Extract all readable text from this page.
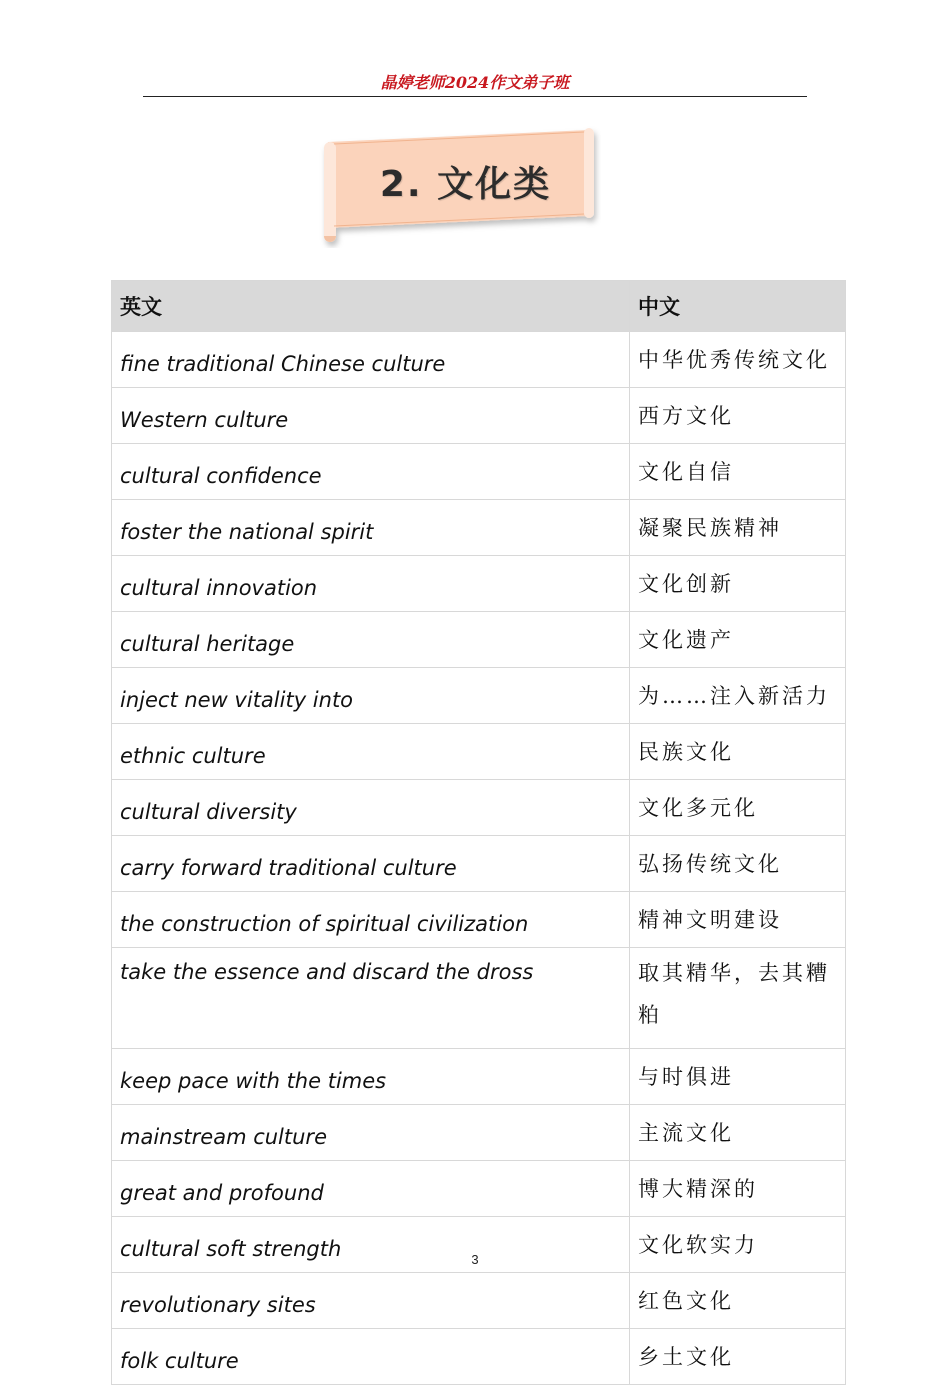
晶婷老师2024作文弟子班
2. 文化类
英文	中文
fine traditional Chinese culture	中华优秀传统文化
Western culture	西方文化
cultural confidence	文化自信
foster the national spirit	凝聚民族精神
cultural innovation	文化创新
cultural heritage	文化遗产
inject new vitality into	为……注入新活力
ethnic culture	民族文化
cultural diversity	文化多元化
carry forward traditional culture	弘扬传统文化
the construction of spiritual civilization	精神文明建设
take the essence and discard the dross	取其精华，去其糟粕
keep pace with the times	与时俱进
mainstream culture	主流文化
great and profound	博大精深的
cultural soft strength	文化软实力
revolutionary sites	红色文化
folk culture	乡土文化
3
